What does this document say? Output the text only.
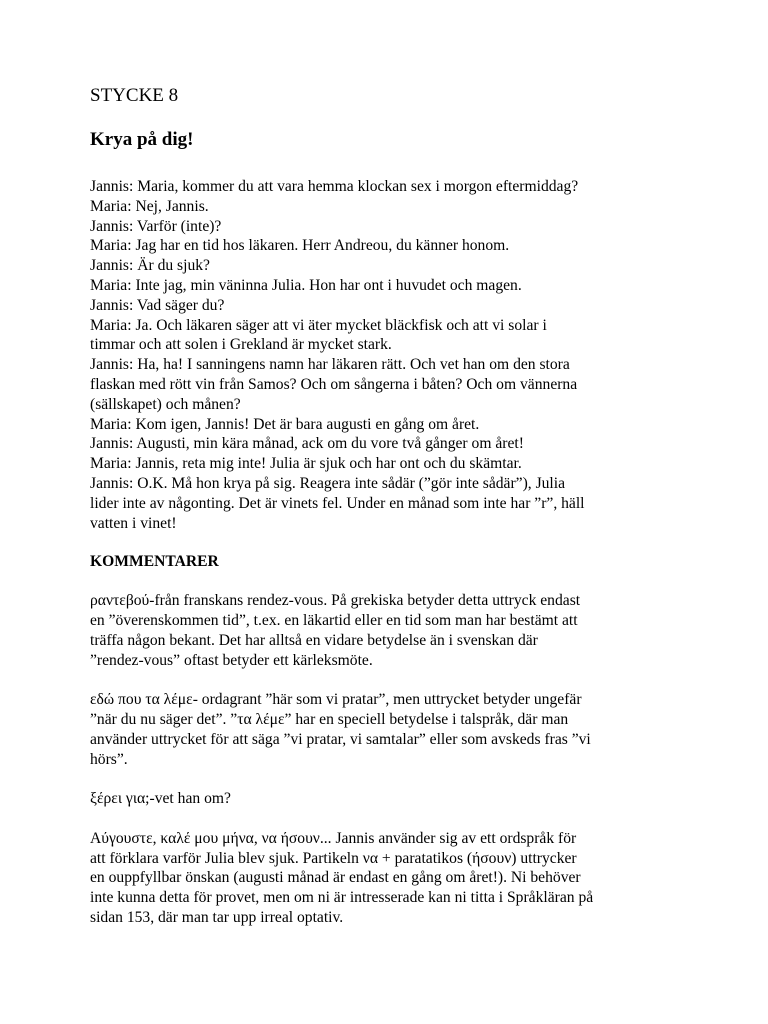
STYCKE 8
Krya på dig!
Jannis: Maria, kommer du att vara hemma klockan sex i morgon eftermiddag?
Maria: Nej, Jannis.
Jannis: Varför (inte)?
Maria: Jag har en tid hos läkaren. Herr Andreou, du känner honom.
Jannis: Är du sjuk?
Maria: Inte jag, min väninna Julia. Hon har ont i huvudet och magen.
Jannis: Vad säger du?
Maria: Ja. Och läkaren säger att vi äter mycket bläckfisk och att vi solar i
timmar och att solen i Grekland är mycket stark.
Jannis: Ha, ha! I sanningens namn har läkaren rätt. Och vet han om den stora
flaskan med rött vin från Samos? Och om sångerna i båten? Och om vännerna
(sällskapet) och månen?
Maria: Kom igen, Jannis! Det är bara augusti en gång om året.
Jannis: Augusti, min kära månad, ack om du vore två gånger om året!
Maria: Jannis, reta mig inte! Julia är sjuk och har ont och du skämtar.
Jannis: O.K. Må hon krya på sig. Reagera inte sådär (”gör inte sådär”), Julia
lider inte av någonting. Det är vinets fel. Under en månad som inte har ”r”, häll
vatten i vinet!
KOMMENTARER
ραντεβού-från franskans rendez-vous. På grekiska betyder detta uttryck endast
en ”överenskommen tid”, t.ex. en läkartid eller en tid som man har bestämt att
träffa någon bekant. Det har alltså en vidare betydelse än i svenskan där
”rendez-vous” oftast betyder ett kärleksmöte.
εδώ που τα λέμε- ordagrant ”här som vi pratar”, men uttrycket betyder ungefär
”när du nu säger det”. ”τα λέμε” har en speciell betydelse i talspråk, där man
använder uttrycket för att säga ”vi pratar, vi samtalar” eller som avskeds fras ”vi
hörs”.
ξέρει για;-vet han om?
Αύγουστε, καλέ μου μήνα, να ήσουν... Jannis använder sig av ett ordspråk för
att förklara varför Julia blev sjuk. Partikeln να + paratatikos (ήσουν) uttrycker
en ouppfyllbar önskan (augusti månad är endast en gång om året!). Ni behöver
inte kunna detta för provet, men om ni är intresserade kan ni titta i Språkläran på
sidan 153, där man tar upp irreal optativ.
